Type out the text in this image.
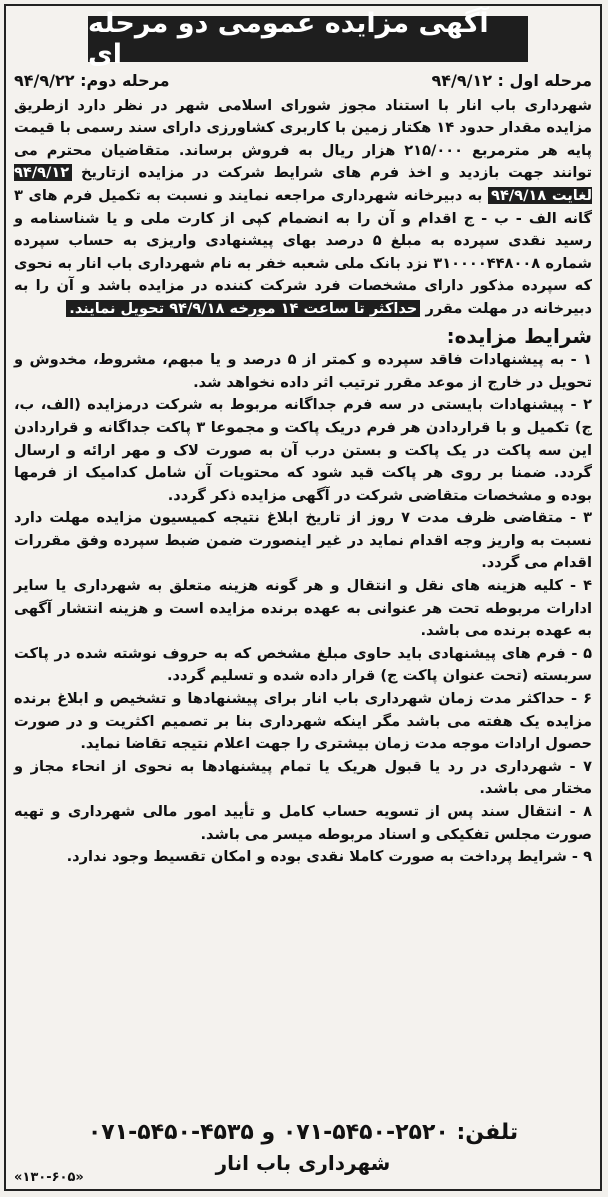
آگهی مزایده عمومی دو مرحله ای
مرحله اول : ۹۴/۹/۱۲
مرحله دوم: ۹۴/۹/۲۲

شهرداری باب انار با استناد مجوز شورای اسلامی شهر در نظر دارد ازطریق مزایده مقدار حدود ۱۴ هکتار زمین با کاربری کشاورزی دارای سند رسمی با قیمت پایه هر مترمربع ۲۱۵/۰۰۰ هزار ریال به فروش برساند. متقاضیان محترم می توانند جهت بازدید و اخذ فرم های شرایط شرکت در مزایده ازتاریخ ۹۴/۹/۱۲ لغایت ۹۴/۹/۱۸ به دبیرخانه شهرداری مراجعه نمایند و نسبت به تکمیل فرم های ۳ گانه الف - ب - ج اقدام و آن را به انضمام کپی از کارت ملی و یا شناسنامه و رسید نقدی سپرده به مبلغ ۵ درصد بهای پیشنهادی واریزی به حساب سپرده شماره ۳۱۰۰۰۰۴۴۸۰۰۸ نزد بانک ملی شعبه خفر به نام شهرداری باب انار به نحوی که سپرده مذکور دارای مشخصات فرد شرکت کننده در مزایده باشد و آن را به دبیرخانه در مهلت مقرر حداکثر تا ساعت ۱۴ مورخه ۹۴/۹/۱۸ تحویل نمایند.

شرایط مزایده:

۱ - به پیشنهادات فاقد سپرده و کمتر از ۵ درصد و یا مبهم، مشروط، مخدوش و تحویل در خارج از موعد مقرر ترتیب اثر داده نخواهد شد.

۲ - پیشنهادات بایستی در سه فرم جداگانه مربوط به شرکت درمزایده (الف، ب، ج) تکمیل و با قراردادن هر فرم دریک پاکت و مجموعا ۳ پاکت جداگانه و قراردادن این سه پاکت در یک پاکت و بستن درب آن به صورت لاک و مهر ارائه و ارسال گردد. ضمنا بر روی هر پاکت قید شود که محتویات آن شامل کدامیک از فرمها بوده و مشخصات متقاضی شرکت در آگهی مزایده ذکر گردد.

۳ - متقاضی ظرف مدت ۷ روز از تاریخ ابلاغ نتیجه کمیسیون مزایده مهلت دارد نسبت به واریز وجه اقدام نماید در غیر اینصورت ضمن ضبط سپرده وفق مقررات اقدام می گردد.

۴ - کلیه هزینه های نقل و انتقال و هر گونه هزینه متعلق به شهرداری یا سایر ادارات مربوطه تحت هر عنوانی به عهده برنده مزایده است و هزینه انتشار آگهی به عهده برنده می باشد.

۵ - فرم های پیشنهادی باید حاوی مبلغ مشخص که به حروف نوشته شده در پاکت سربسته (تحت عنوان پاکت ج) قرار داده شده و تسلیم گردد.

۶ - حداکثر مدت زمان شهرداری باب انار برای پیشنهادها و تشخیص و ابلاغ برنده مزایده یک هفته می باشد مگر اینکه شهرداری بنا بر تصمیم اکثریت و در صورت حصول ارادات موجه مدت زمان بیشتری را جهت اعلام نتیجه تقاضا نماید.

۷ - شهرداری در رد یا قبول هریک یا تمام پیشنهادها به نحوی از انحاء مجاز و مختار می باشد.

۸ - انتقال سند پس از تسویه حساب کامل و تأیید امور مالی شهرداری و تهیه صورت مجلس تفکیکی و اسناد مربوطه میسر می باشد.

۹ - شرایط پرداخت به صورت کاملا نقدی بوده و امکان تقسیط وجود ندارد.

تلفن: ۲۵۲۰-۵۴۵۰-۰۷۱ و ۴۵۳۵-۵۴۵۰-۰۷۱
شهرداری باب انار
«۱۳۰-۶۰۵»
